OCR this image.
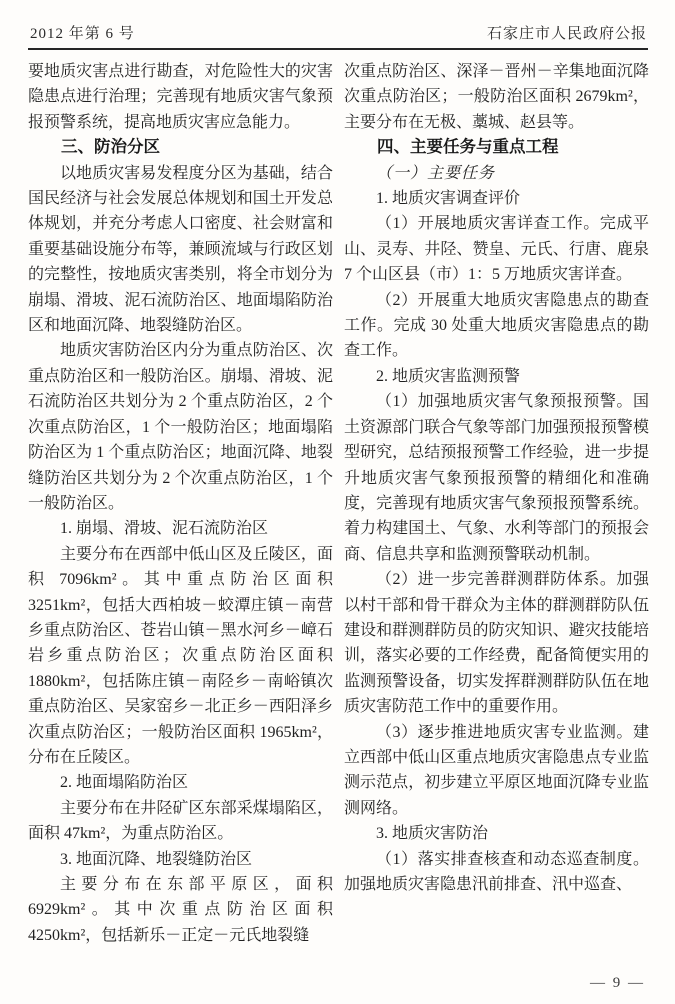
2012 年第 6 号	石家庄市人民政府公报

要地质灾害点进行勘查，对危险性大的灾害隐患点进行治理；完善现有地质灾害气象预报预警系统，提高地质灾害应急能力。

三、防治分区

以地质灾害易发程度分区为基础，结合国民经济与社会发展总体规划和国土开发总体规划，并充分考虑人口密度、社会财富和重要基础设施分布等，兼顾流域与行政区划的完整性，按地质灾害类别，将全市划分为崩塌、滑坡、泥石流防治区、地面塌陷防治区和地面沉降、地裂缝防治区。

地质灾害防治区内分为重点防治区、次重点防治区和一般防治区。崩塌、滑坡、泥石流防治区共划分为 2 个重点防治区，2 个次重点防治区，1 个一般防治区；地面塌陷防治区为 1 个重点防治区；地面沉降、地裂缝防治区共划分为 2 个次重点防治区，1 个一般防治区。

1. 崩塌、滑坡、泥石流防治区

主要分布在西部中低山区及丘陵区，面积 7096km²。其中重点防治区面积 3251km²，包括大西柏坡－蛟潭庄镇－南营乡重点防治区、苍岩山镇－黑水河乡－嶂石岩乡重点防治区；次重点防治区面积 1880km²，包括陈庄镇－南陉乡－南峪镇次重点防治区、吴家窑乡－北正乡－西阳泽乡次重点防治区；一般防治区面积 1965km²，分布在丘陵区。

2. 地面塌陷防治区

主要分布在井陉矿区东部采煤塌陷区，面积 47km²，为重点防治区。

3. 地面沉降、地裂缝防治区

主要分布在东部平原区，面积 6929km²。其中次重点防治区面积 4250km²，包括新乐－正定－元氏地裂缝

次重点防治区、深泽－晋州－辛集地面沉降次重点防治区；一般防治区面积 2679km²，主要分布在无极、藁城、赵县等。

四、主要任务与重点工程

（一）主要任务

1. 地质灾害调查评价

（1）开展地质灾害详查工作。完成平山、灵寿、井陉、赞皇、元氏、行唐、鹿泉 7 个山区县（市）1：5 万地质灾害详查。

（2）开展重大地质灾害隐患点的勘查工作。完成 30 处重大地质灾害隐患点的勘查工作。

2. 地质灾害监测预警

（1）加强地质灾害气象预报预警。国土资源部门联合气象等部门加强预报预警模型研究，总结预报预警工作经验，进一步提升地质灾害气象预报预警的精细化和准确度，完善现有地质灾害气象预报预警系统。着力构建国土、气象、水利等部门的预报会商、信息共享和监测预警联动机制。

（2）进一步完善群测群防体系。加强以村干部和骨干群众为主体的群测群防队伍建设和群测群防员的防灾知识、避灾技能培训，落实必要的工作经费，配备简便实用的监测预警设备，切实发挥群测群防队伍在地质灾害防范工作中的重要作用。

（3）逐步推进地质灾害专业监测。建立西部中低山区重点地质灾害隐患点专业监测示范点，初步建立平原区地面沉降专业监测网络。

3. 地质灾害防治

（1）落实排查核查和动态巡查制度。加强地质灾害隐患汛前排查、汛中巡查、

— 9 —
